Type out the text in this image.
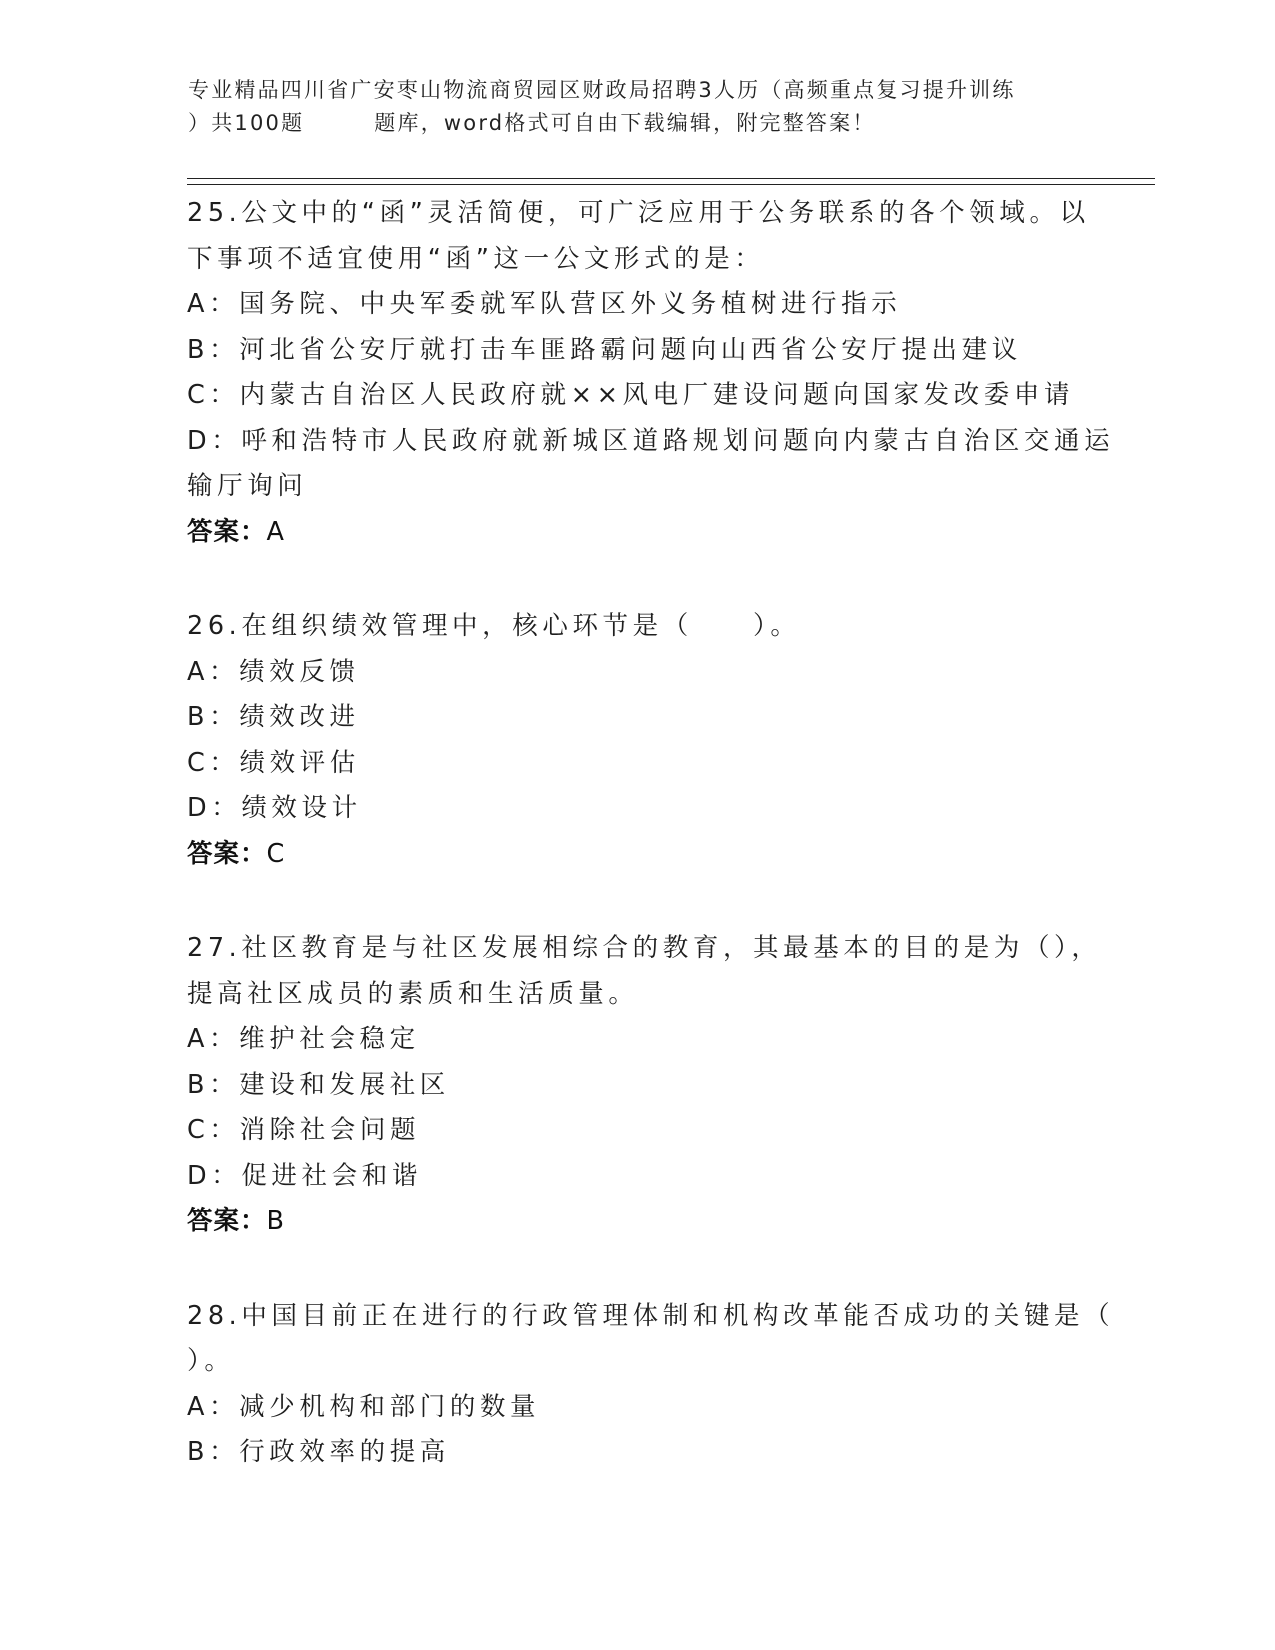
专业精品四川省广安枣山物流商贸园区财政局招聘3人历（高频重点复习提升训练
）共100题	题库，word格式可自由下载编辑，附完整答案！
25.公文中的“函”灵活简便，可广泛应用于公务联系的各个领域。以
下事项不适宜使用“函”这一公文形式的是：
A：国务院、中央军委就军队营区外义务植树进行指示
B：河北省公安厅就打击车匪路霸问题向山西省公安厅提出建议
C：内蒙古自治区人民政府就××风电厂建设问题向国家发改委申请
D：呼和浩特市人民政府就新城区道路规划问题向内蒙古自治区交通运
输厅询问
答案：A
26.在组织绩效管理中，核心环节是（　　）。
A：绩效反馈
B：绩效改进
C：绩效评估
D：绩效设计
答案：C
27.社区教育是与社区发展相综合的教育，其最基本的目的是为（），
提高社区成员的素质和生活质量。
A：维护社会稳定
B：建设和发展社区
C：消除社会问题
D：促进社会和谐
答案：B
28.中国目前正在进行的行政管理体制和机构改革能否成功的关键是（
）。
A：减少机构和部门的数量
B：行政效率的提高
